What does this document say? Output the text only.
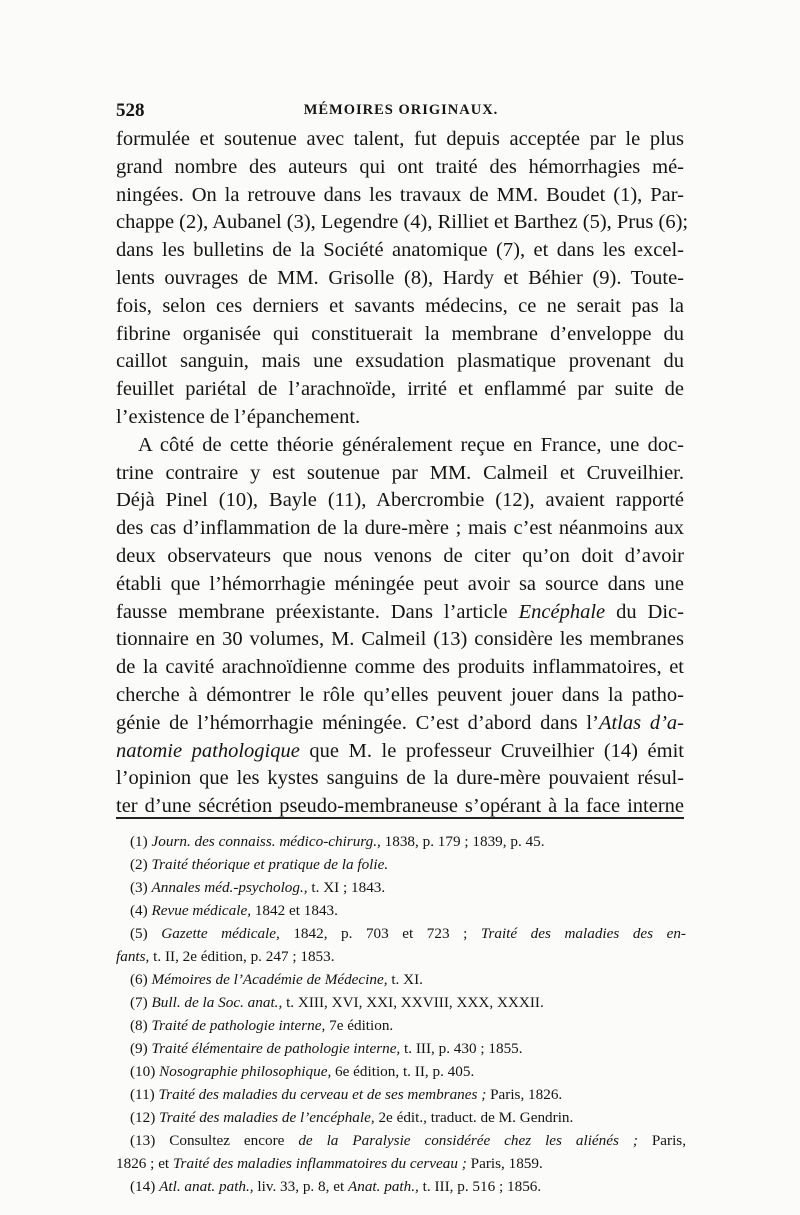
528	MÉMOIRES ORIGINAUX.
formulée et soutenue avec talent, fut depuis acceptée par le plus
grand nombre des auteurs qui ont traité des hémorrhagies mé-
ningées. On la retrouve dans les travaux de MM. Boudet (1), Par-
chappe (2), Aubanel (3), Legendre (4), Rilliet et Barthez (5), Prus (6);
dans les bulletins de la Société anatomique (7), et dans les excel-
lents ouvrages de MM. Grisolle (8), Hardy et Béhier (9). Toute-
fois, selon ces derniers et savants médecins, ce ne serait pas la
fibrine organisée qui constituerait la membrane d’enveloppe du
caillot sanguin, mais une exsudation plasmatique provenant du
feuillet pariétal de l’arachnoïde, irrité et enflammé par suite de
l’existence de l’épanchement.
A côté de cette théorie généralement reçue en France, une doc-
trine contraire y est soutenue par MM. Calmeil et Cruveilhier.
Déjà Pinel (10), Bayle (11), Abercrombie (12), avaient rapporté
des cas d’inflammation de la dure-mère ; mais c’est néanmoins aux
deux observateurs que nous venons de citer qu’on doit d’avoir
établi que l’hémorrhagie méningée peut avoir sa source dans une
fausse membrane préexistante. Dans l’article Encéphale du Dic-
tionnaire en 30 volumes, M. Calmeil (13) considère les membranes
de la cavité arachnoïdienne comme des produits inflammatoires, et
cherche à démontrer le rôle qu’elles peuvent jouer dans la patho-
génie de l’hémorrhagie méningée. C’est d’abord dans l’Atlas d’a-
natomie pathologique que M. le professeur Cruveilhier (14) émit
l’opinion que les kystes sanguins de la dure-mère pouvaient résul-
ter d’une sécrétion pseudo-membraneuse s’opérant à la face interne
(1) Journ. des connaiss. médico-chirurg., 1838, p. 179 ; 1839, p. 45.
(2) Traité théorique et pratique de la folie.
(3) Annales méd.-psycholog., t. XI ; 1843.
(4) Revue médicale, 1842 et 1843.
(5) Gazette médicale, 1842, p. 703 et 723 ; Traité des maladies des en-
fants, t. II, 2e édition, p. 247 ; 1853.
(6) Mémoires de l’Académie de Médecine, t. XI.
(7) Bull. de la Soc. anat., t. XIII, XVI, XXI, XXVIII, XXX, XXXII.
(8) Traité de pathologie interne, 7e édition.
(9) Traité élémentaire de pathologie interne, t. III, p. 430 ; 1855.
(10) Nosographie philosophique, 6e édition, t. II, p. 405.
(11) Traité des maladies du cerveau et de ses membranes ; Paris, 1826.
(12) Traité des maladies de l’encéphale, 2e édit., traduct. de M. Gendrin.
(13) Consultez encore de la Paralysie considérée chez les aliénés ; Paris,
1826 ; et Traité des maladies inflammatoires du cerveau ; Paris, 1859.
(14) Atl. anat. path., liv. 33, p. 8, et Anat. path., t. III, p. 516 ; 1856.
